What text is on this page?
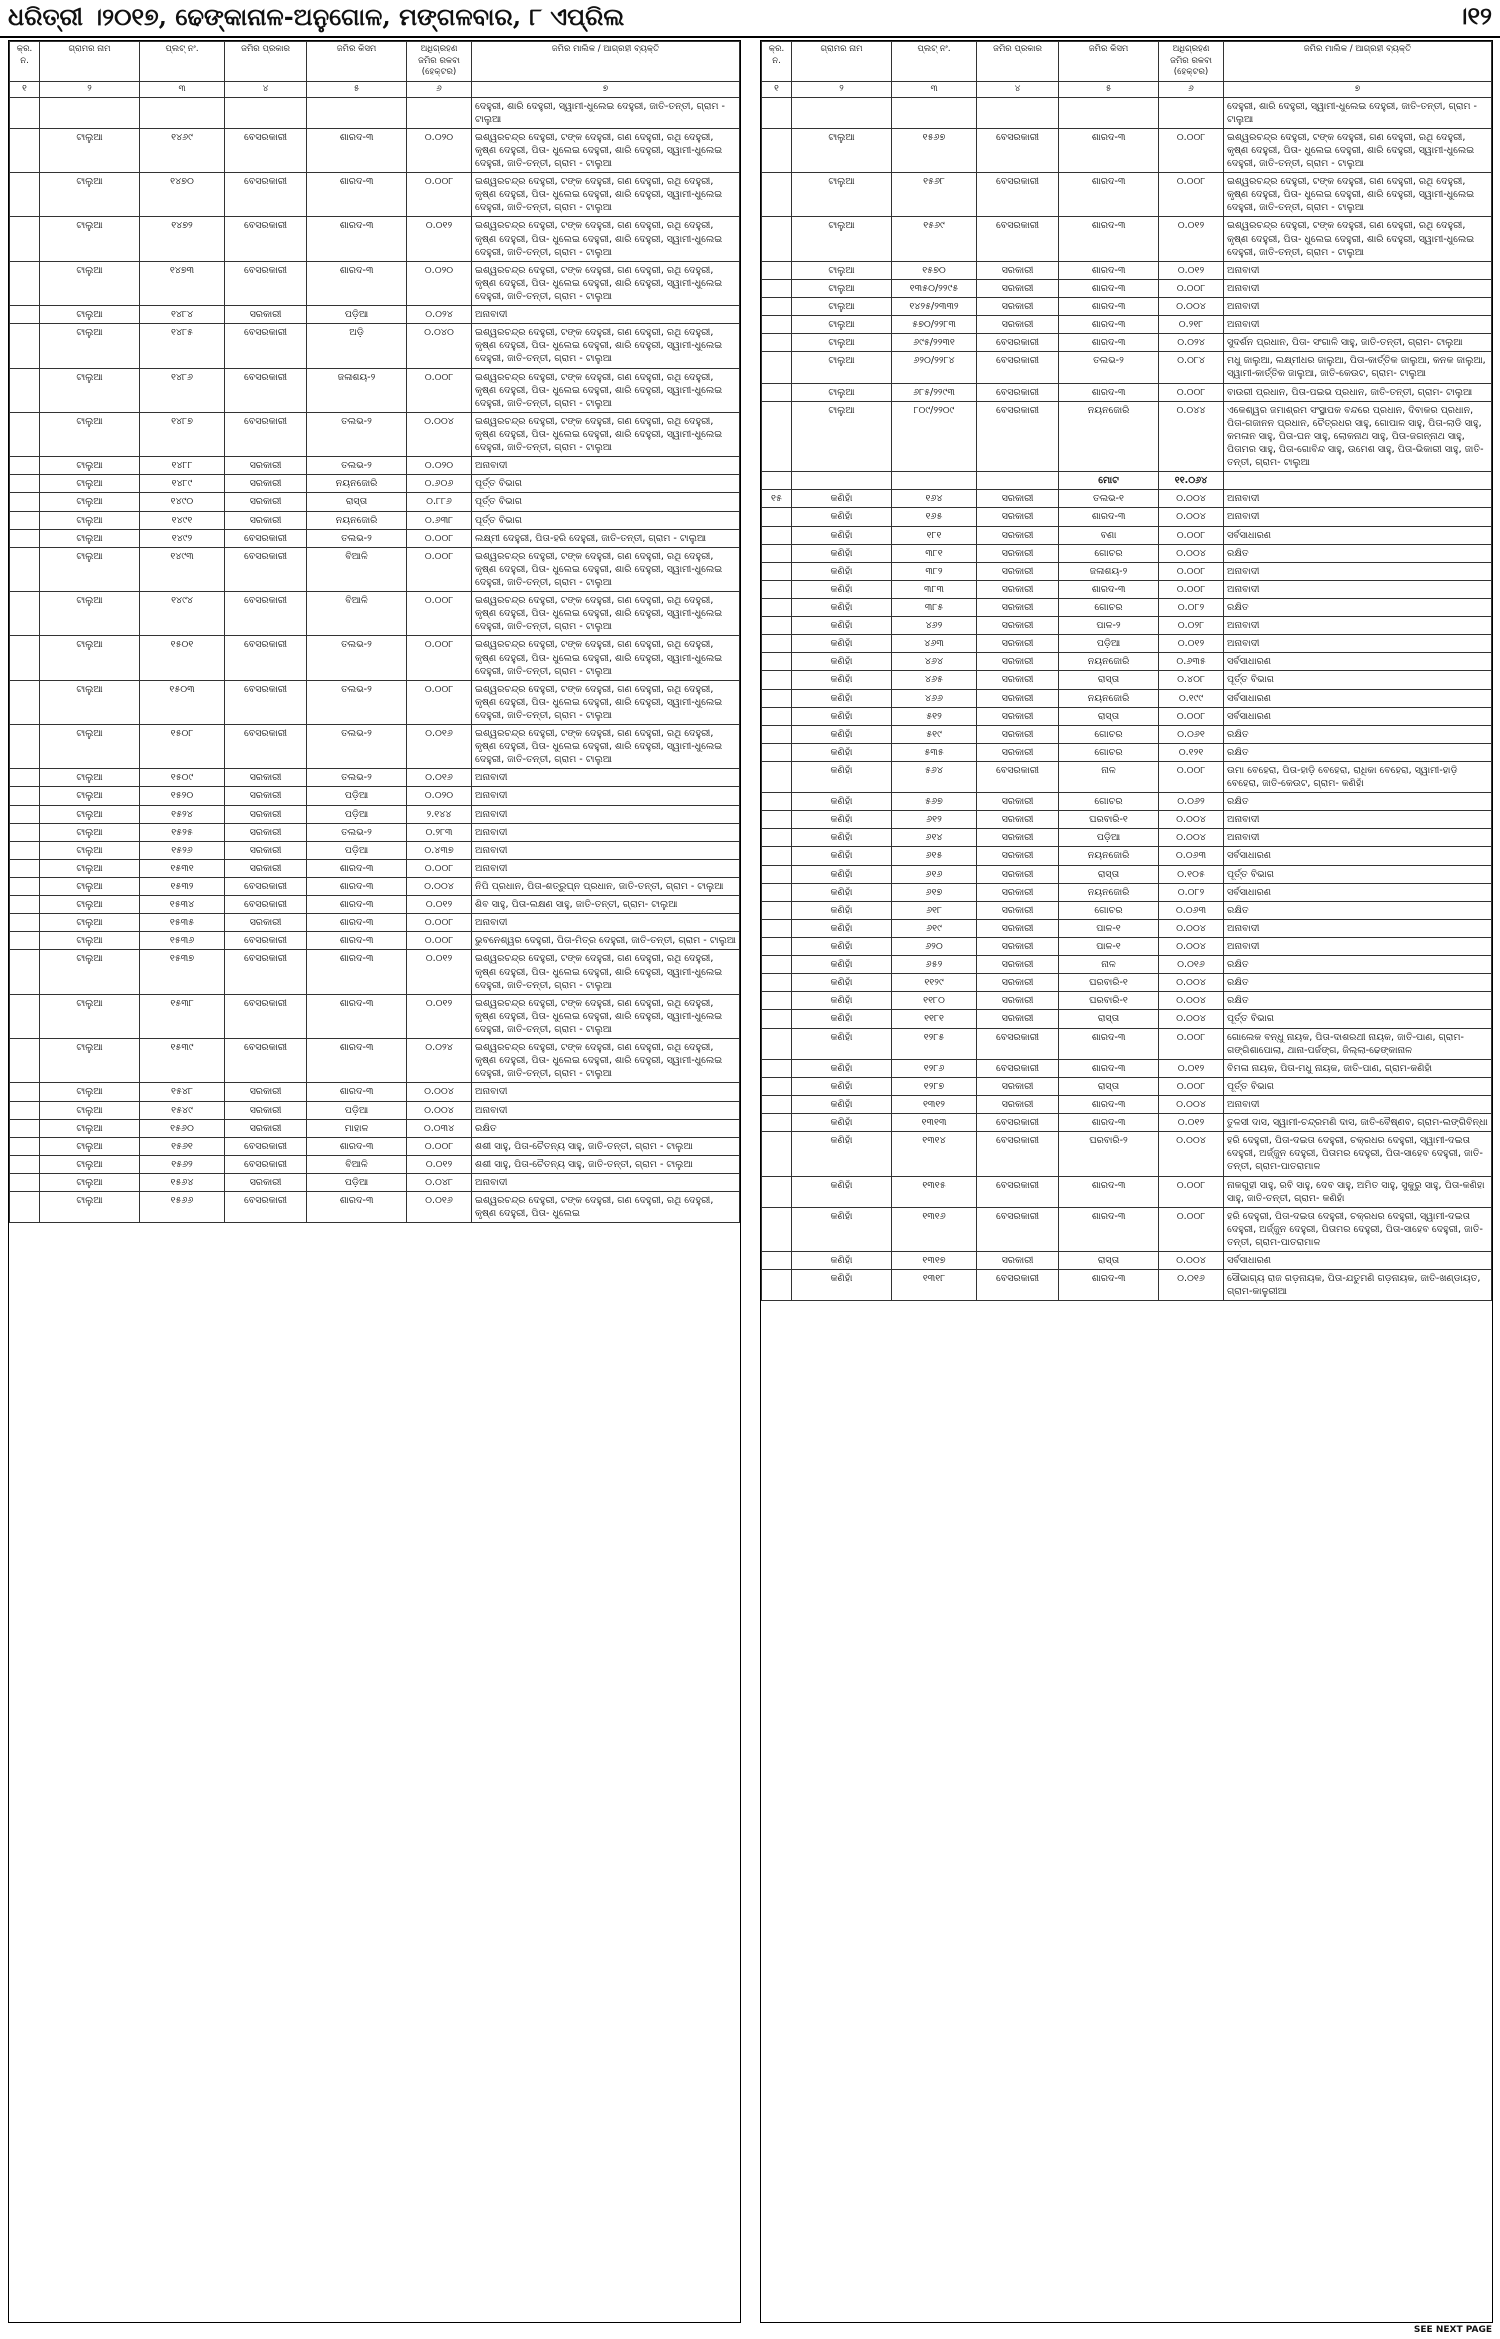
ଧରିତ୍ରୀ ।୨୦୧୭, ଢେଙ୍କାନାଳ-ଅନୁଗୋଳ, ମଙ୍ଗଳବାର, ୮ ଏପ୍ରିଲ	।୧୨
କ୍ର. ନ.	ଗ୍ରାମର ନାମ	ପ୍ଲଟ୍ ନଂ.	ଜମିର ପ୍ରକାର	ଜମିର କିସମ	ଅଧିଗ୍ରହଣ ଜମିର ରକବା (ହେକ୍ଟର)	ଜମିର ମାଲିକ / ଆଗ୍ରହୀ ବ୍ୟକ୍ତି
୧	୨	୩	୪	୫	୬	୭
						ଦେହୁରୀ, ଶାରି ଦେହୁରୀ, ସ୍ୱାମୀ-ଧୁଲେଇ ଦେହୁରୀ, ଜାତି-ତନ୍ତୀ, ଗ୍ରାମ - ଟାଲୁଆ
	ଟାଲୁଆ	୧୪୬୯	ବେସରକାରୀ	ଶାରଦ-୩	୦.୦୨୦	ଇଶ୍ୱରଚନ୍ଦ୍ର ଦେହୁରୀ, ଟଙ୍କ ଦେହୁରୀ, ଗଣ ଦେହୁରୀ, ରଥି ଦେହୁରୀ, କୃଷ୍ଣ ଦେହୁରୀ, ପିତା- ଧୁଲେଇ ଦେହୁରୀ, ଶାରି ଦେହୁରୀ, ସ୍ୱାମୀ-ଧୁଲେଇ ଦେହୁରୀ, ଜାତି-ତନ୍ତୀ, ଗ୍ରାମ - ଟାଲୁଆ
	ଟାଲୁଆ	୧୪୭୦	ବେସରକାରୀ	ଶାରଦ-୩	୦.୦୦୮	ଇଶ୍ୱରଚନ୍ଦ୍ର ଦେହୁରୀ, ଟଙ୍କ ଦେହୁରୀ, ଗଣ ଦେହୁରୀ, ରଥି ଦେହୁରୀ, କୃଷ୍ଣ ଦେହୁରୀ, ପିତା- ଧୁଲେଇ ଦେହୁରୀ, ଶାରି ଦେହୁରୀ, ସ୍ୱାମୀ-ଧୁଲେଇ ଦେହୁରୀ, ଜାତି-ତନ୍ତୀ, ଗ୍ରାମ - ଟାଲୁଆ
	ଟାଲୁଆ	୧୪୭୨	ବେସରକାରୀ	ଶାରଦ-୩	୦.୦୧୨	ଇଶ୍ୱରଚନ୍ଦ୍ର ଦେହୁରୀ, ଟଙ୍କ ଦେହୁରୀ, ଗଣ ଦେହୁରୀ, ରଥି ଦେହୁରୀ, କୃଷ୍ଣ ଦେହୁରୀ, ପିତା- ଧୁଲେଇ ଦେହୁରୀ, ଶାରି ଦେହୁରୀ, ସ୍ୱାମୀ-ଧୁଲେଇ ଦେହୁରୀ, ଜାତି-ତନ୍ତୀ, ଗ୍ରାମ - ଟାଲୁଆ
	ଟାଲୁଆ	୧୪୭୩	ବେସରକାରୀ	ଶାରଦ-୩	୦.୦୨୦	ଇଶ୍ୱରଚନ୍ଦ୍ର ଦେହୁରୀ, ଟଙ୍କ ଦେହୁରୀ, ଗଣ ଦେହୁରୀ, ରଥି ଦେହୁରୀ, କୃଷ୍ଣ ଦେହୁରୀ, ପିତା- ଧୁଲେଇ ଦେହୁରୀ, ଶାରି ଦେହୁରୀ, ସ୍ୱାମୀ-ଧୁଲେଇ ଦେହୁରୀ, ଜାତି-ତନ୍ତୀ, ଗ୍ରାମ - ଟାଲୁଆ
	ଟାଲୁଆ	୧୪୮୪	ସରକାରୀ	ପଡ଼ିଆ	୦.୦୨୪	ଅନାବାଦୀ
	ଟାଲୁଆ	୧୪୮୫	ବେସରକାରୀ	ଅଡ଼ି	୦.୦୪୦	ଇଶ୍ୱରଚନ୍ଦ୍ର ଦେହୁରୀ, ଟଙ୍କ ଦେହୁରୀ, ଗଣ ଦେହୁରୀ, ରଥି ଦେହୁରୀ, କୃଷ୍ଣ ଦେହୁରୀ, ପିତା- ଧୁଲେଇ ଦେହୁରୀ, ଶାରି ଦେହୁରୀ, ସ୍ୱାମୀ-ଧୁଲେଇ ଦେହୁରୀ, ଜାତି-ତନ୍ତୀ, ଗ୍ରାମ - ଟାଲୁଆ
	ଟାଲୁଆ	୧୪୮୬	ବେସରକାରୀ	ଜଳାଶୟ-୨	୦.୦୦୮	ଇଶ୍ୱରଚନ୍ଦ୍ର ଦେହୁରୀ, ଟଙ୍କ ଦେହୁରୀ, ଗଣ ଦେହୁରୀ, ରଥି ଦେହୁରୀ, କୃଷ୍ଣ ଦେହୁରୀ, ପିତା- ଧୁଲେଇ ଦେହୁରୀ, ଶାରି ଦେହୁରୀ, ସ୍ୱାମୀ-ଧୁଲେଇ ଦେହୁରୀ, ଜାତି-ତନ୍ତୀ, ଗ୍ରାମ - ଟାଲୁଆ
	ଟାଲୁଆ	୧୪୮୭	ବେସରକାରୀ	ତଲଭ-୨	୦.୦୦୪	ଇଶ୍ୱରଚନ୍ଦ୍ର ଦେହୁରୀ, ଟଙ୍କ ଦେହୁରୀ, ଗଣ ଦେହୁରୀ, ରଥି ଦେହୁରୀ, କୃଷ୍ଣ ଦେହୁରୀ, ପିତା- ଧୁଲେଇ ଦେହୁରୀ, ଶାରି ଦେହୁରୀ, ସ୍ୱାମୀ-ଧୁଲେଇ ଦେହୁରୀ, ଜାତି-ତନ୍ତୀ, ଗ୍ରାମ - ଟାଲୁଆ
	ଟାଲୁଆ	୧୪୮୮	ସରକାରୀ	ତଲଭ-୨	୦.୦୨୦	ଅନାବାଦୀ
	ଟାଲୁଆ	୧୪୮୯	ସରକାରୀ	ନୟନଜୋରି	୦.୬୦୬	ପୂର୍ତ୍ତ ବିଭାଗ
	ଟାଲୁଆ	୧୪୯୦	ସରକାରୀ	ରାସ୍ତା	୦.୮୮୬	ପୂର୍ତ୍ତ ବିଭାଗ
	ଟାଲୁଆ	୧୪୯୧	ସରକାରୀ	ନୟନଜୋରି	୦.୬୩୮	ପୂର୍ତ୍ତ ବିଭାଗ
	ଟାଲୁଆ	୧୪୯୨	ବେସରକାରୀ	ତଲଭ-୨	୦.୦୦୮	ଲକ୍ଷ୍ମୀ ଦେହୁରୀ, ପିତା-ହରି ଦେହୁରୀ, ଜାତି-ତନ୍ତୀ, ଗ୍ରାମ - ଟାଲୁଆ
	ଟାଲୁଆ	୧୪୯୩	ବେସରକାରୀ	ବିଆଳି	୦.୦୦୮	ଇଶ୍ୱରଚନ୍ଦ୍ର ଦେହୁରୀ, ଟଙ୍କ ଦେହୁରୀ, ଗଣ ଦେହୁରୀ, ରଥି ଦେହୁରୀ, କୃଷ୍ଣ ଦେହୁରୀ, ପିତା- ଧୁଲେଇ ଦେହୁରୀ, ଶାରି ଦେହୁରୀ, ସ୍ୱାମୀ-ଧୁଲେଇ ଦେହୁରୀ, ଜାତି-ତନ୍ତୀ, ଗ୍ରାମ - ଟାଲୁଆ
	ଟାଲୁଆ	୧୪୯୪	ବେସରକାରୀ	ବିଆଳି	୦.୦୦୮	ଇଶ୍ୱରଚନ୍ଦ୍ର ଦେହୁରୀ, ଟଙ୍କ ଦେହୁରୀ, ଗଣ ଦେହୁରୀ, ରଥି ଦେହୁରୀ, କୃଷ୍ଣ ଦେହୁରୀ, ପିତା- ଧୁଲେଇ ଦେହୁରୀ, ଶାରି ଦେହୁରୀ, ସ୍ୱାମୀ-ଧୁଲେଇ ଦେହୁରୀ, ଜାତି-ତନ୍ତୀ, ଗ୍ରାମ - ଟାଲୁଆ
	ଟାଲୁଆ	୧୫୦୧	ବେସରକାରୀ	ତଲଭ-୨	୦.୦୦୮	ଇଶ୍ୱରଚନ୍ଦ୍ର ଦେହୁରୀ, ଟଙ୍କ ଦେହୁରୀ, ଗଣ ଦେହୁରୀ, ରଥି ଦେହୁରୀ, କୃଷ୍ଣ ଦେହୁରୀ, ପିତା- ଧୁଲେଇ ଦେହୁରୀ, ଶାରି ଦେହୁରୀ, ସ୍ୱାମୀ-ଧୁଲେଇ ଦେହୁରୀ, ଜାତି-ତନ୍ତୀ, ଗ୍ରାମ - ଟାଲୁଆ
	ଟାଲୁଆ	୧୫୦୩	ବେସରକାରୀ	ତଲଭ-୨	୦.୦୦୮	ଇଶ୍ୱରଚନ୍ଦ୍ର ଦେହୁରୀ, ଟଙ୍କ ଦେହୁରୀ, ଗଣ ଦେହୁରୀ, ରଥି ଦେହୁରୀ, କୃଷ୍ଣ ଦେହୁରୀ, ପିତା- ଧୁଲେଇ ଦେହୁରୀ, ଶାରି ଦେହୁରୀ, ସ୍ୱାମୀ-ଧୁଲେଇ ଦେହୁରୀ, ଜାତି-ତନ୍ତୀ, ଗ୍ରାମ - ଟାଲୁଆ
	ଟାଲୁଆ	୧୫୦୮	ବେସରକାରୀ	ତଲଭ-୨	୦.୦୧୬	ଇଶ୍ୱରଚନ୍ଦ୍ର ଦେହୁରୀ, ଟଙ୍କ ଦେହୁରୀ, ଗଣ ଦେହୁରୀ, ରଥି ଦେହୁରୀ, କୃଷ୍ଣ ଦେହୁରୀ, ପିତା- ଧୁଲେଇ ଦେହୁରୀ, ଶାରି ଦେହୁରୀ, ସ୍ୱାମୀ-ଧୁଲେଇ ଦେହୁରୀ, ଜାତି-ତନ୍ତୀ, ଗ୍ରାମ - ଟାଲୁଆ
	ଟାଲୁଆ	୧୫୦୯	ସରକାରୀ	ତଲଭ-୨	୦.୦୧୬	ଅନାବାଦୀ
	ଟାଲୁଆ	୧୫୨୦	ସରକାରୀ	ପଡ଼ିଆ	୦.୦୨୦	ଅନାବାଦୀ
	ଟାଲୁଆ	୧୫୨୪	ସରକାରୀ	ପଡ଼ିଆ	୨.୧୪୪	ଅନାବାଦୀ
	ଟାଲୁଆ	୧୫୨୫	ସରକାରୀ	ତଲଭ-୨	୦.୨୮୩	ଅନାବାଦୀ
	ଟାଲୁଆ	୧୫୨୬	ସରକାରୀ	ପଡ଼ିଆ	୦.୪୩୭	ଅନାବାଦୀ
	ଟାଲୁଆ	୧୫୩୧	ସରକାରୀ	ଶାରଦ-୩	୦.୦୦୮	ଅନାବାଦୀ
	ଟାଲୁଆ	୧୫୩୨	ବେସରକାରୀ	ଶାରଦ-୩	୦.୦୦୪	ନିପି ପ୍ରଧାନ, ପିତା-ଶତ୍ରୁଘ୍ନ ପ୍ରଧାନ, ଜାତି-ତନ୍ତୀ, ଗ୍ରାମ - ଟାଲୁଆ
	ଟାଲୁଆ	୧୫୩୪	ବେସରକାରୀ	ଶାରଦ-୩	୦.୦୧୨	ଶିବ ସାହୁ, ପିତା-ଲକ୍ଷଣ ସାହୁ, ଜାତି-ତନ୍ତୀ, ଗ୍ରାମ- ଟାଲୁଆ
	ଟାଲୁଆ	୧୫୩୫	ସରକାରୀ	ଶାରଦ-୩	୦.୦୦୮	ଅନାବାଦୀ
	ଟାଲୁଆ	୧୫୩୬	ବେସରକାରୀ	ଶାରଦ-୩	୦.୦୦୮	ଭୁବନେଶ୍ୱର ଦେହୁରୀ, ପିତା-ମିତ୍ର ଦେହୁରୀ, ଜାତି-ତନ୍ତୀ, ଗ୍ରାମ - ଟାଲୁଆ
	ଟାଲୁଆ	୧୫୩୭	ବେସରକାରୀ	ଶାରଦ-୩	୦.୦୧୨	ଇଶ୍ୱରଚନ୍ଦ୍ର ଦେହୁରୀ, ଟଙ୍କ ଦେହୁରୀ, ଗଣ ଦେହୁରୀ, ରଥି ଦେହୁରୀ, କୃଷ୍ଣ ଦେହୁରୀ, ପିତା- ଧୁଲେଇ ଦେହୁରୀ, ଶାରି ଦେହୁରୀ, ସ୍ୱାମୀ-ଧୁଲେଇ ଦେହୁରୀ, ଜାତି-ତନ୍ତୀ, ଗ୍ରାମ - ଟାଲୁଆ
	ଟାଲୁଆ	୧୫୩୮	ବେସରକାରୀ	ଶାରଦ-୩	୦.୦୧୨	ଇଶ୍ୱରଚନ୍ଦ୍ର ଦେହୁରୀ, ଟଙ୍କ ଦେହୁରୀ, ଗଣ ଦେହୁରୀ, ରଥି ଦେହୁରୀ, କୃଷ୍ଣ ଦେହୁରୀ, ପିତା- ଧୁଲେଇ ଦେହୁରୀ, ଶାରି ଦେହୁରୀ, ସ୍ୱାମୀ-ଧୁଲେଇ ଦେହୁରୀ, ଜାତି-ତନ୍ତୀ, ଗ୍ରାମ - ଟାଲୁଆ
	ଟାଲୁଆ	୧୫୩୯	ବେସରକାରୀ	ଶାରଦ-୩	୦.୦୨୪	ଇଶ୍ୱରଚନ୍ଦ୍ର ଦେହୁରୀ, ଟଙ୍କ ଦେହୁରୀ, ଗଣ ଦେହୁରୀ, ରଥି ଦେହୁରୀ, କୃଷ୍ଣ ଦେହୁରୀ, ପିତା- ଧୁଲେଇ ଦେହୁରୀ, ଶାରି ଦେହୁରୀ, ସ୍ୱାମୀ-ଧୁଲେଇ ଦେହୁରୀ, ଜାତି-ତନ୍ତୀ, ଗ୍ରାମ - ଟାଲୁଆ
	ଟାଲୁଆ	୧୫୪୮	ସରକାରୀ	ଶାରଦ-୩	୦.୦୦୪	ଅନାବାଦୀ
	ଟାଲୁଆ	୧୫୪୯	ସରକାରୀ	ପଡ଼ିଆ	୦.୦୦୪	ଅନାବାଦୀ
	ଟାଲୁଆ	୧୫୬୦	ସରକାରୀ	ମାହାଳ	୦.୦୩୪	ରକ୍ଷିତ
	ଟାଲୁଆ	୧୫୬୧	ବେସରକାରୀ	ଶାରଦ-୩	୦.୦୦୮	ଶଶୀ ସାହୁ, ପିତା-ଚୈତନ୍ୟ ସାହୁ, ଜାତି-ତନ୍ତୀ, ଗ୍ରାମ - ଟାଲୁଆ
	ଟାଲୁଆ	୧୫୬୨	ବେସରକାରୀ	ବିଆଳି	୦.୦୧୨	ଶଶୀ ସାହୁ, ପିତା-ଚୈତନ୍ୟ ସାହୁ, ଜାତି-ତନ୍ତୀ, ଗ୍ରାମ - ଟାଲୁଆ
	ଟାଲୁଆ	୧୫୬୪	ସରକାରୀ	ପଡ଼ିଆ	୦.୦୪୮	ଅନାବାଦୀ
	ଟାଲୁଆ	୧୫୬୬	ବେସରକାରୀ	ଶାରଦ-୩	୦.୦୧୬	ଇଶ୍ୱରଚନ୍ଦ୍ର ଦେହୁରୀ, ଟଙ୍କ ଦେହୁରୀ, ଗଣ ଦେହୁରୀ, ରଥି ଦେହୁରୀ, କୃଷ୍ଣ ଦେହୁରୀ, ପିତା- ଧୁଲେଇ
କ୍ର. ନ.	ଗ୍ରାମର ନାମ	ପ୍ଲଟ୍ ନଂ.	ଜମିର ପ୍ରକାର	ଜମିର କିସମ	ଅଧିଗ୍ରହଣ ଜମିର ରକବା (ହେକ୍ଟର)	ଜମିର ମାଲିକ / ଆଗ୍ରହୀ ବ୍ୟକ୍ତି
୧	୨	୩	୪	୫	୬	୭
						ଦେହୁରୀ, ଶାରି ଦେହୁରୀ, ସ୍ୱାମୀ-ଧୁଲେଇ ଦେହୁରୀ, ଜାତି-ତନ୍ତୀ, ଗ୍ରାମ - ଟାଲୁଆ
	ଟାଲୁଆ	୧୫୬୭	ବେସରକାରୀ	ଶାରଦ-୩	୦.୦୦୮	ଇଶ୍ୱରଚନ୍ଦ୍ର ଦେହୁରୀ, ଟଙ୍କ ଦେହୁରୀ, ଗଣ ଦେହୁରୀ, ରଥି ଦେହୁରୀ, କୃଷ୍ଣ ଦେହୁରୀ, ପିତା- ଧୁଲେଇ ଦେହୁରୀ, ଶାରି ଦେହୁରୀ, ସ୍ୱାମୀ-ଧୁଲେଇ ଦେହୁରୀ, ଜାତି-ତନ୍ତୀ, ଗ୍ରାମ - ଟାଲୁଆ
	ଟାଲୁଆ	୧୫୬୮	ବେସରକାରୀ	ଶାରଦ-୩	୦.୦୦୮	ଇଶ୍ୱରଚନ୍ଦ୍ର ଦେହୁରୀ, ଟଙ୍କ ଦେହୁରୀ, ଗଣ ଦେହୁରୀ, ରଥି ଦେହୁରୀ, କୃଷ୍ଣ ଦେହୁରୀ, ପିତା- ଧୁଲେଇ ଦେହୁରୀ, ଶାରି ଦେହୁରୀ, ସ୍ୱାମୀ-ଧୁଲେଇ ଦେହୁରୀ, ଜାତି-ତନ୍ତୀ, ଗ୍ରାମ - ଟାଲୁଆ
	ଟାଲୁଆ	୧୫୬୯	ବେସରକାରୀ	ଶାରଦ-୩	୦.୦୧୨	ଇଶ୍ୱରଚନ୍ଦ୍ର ଦେହୁରୀ, ଟଙ୍କ ଦେହୁରୀ, ଗଣ ଦେହୁରୀ, ରଥି ଦେହୁରୀ, କୃଷ୍ଣ ଦେହୁରୀ, ପିତା- ଧୁଲେଇ ଦେହୁରୀ, ଶାରି ଦେହୁରୀ, ସ୍ୱାମୀ-ଧୁଲେଇ ଦେହୁରୀ, ଜାତି-ତନ୍ତୀ, ଗ୍ରାମ - ଟାଲୁଆ
	ଟାଲୁଆ	୧୫୭୦	ସରକାରୀ	ଶାରଦ-୩	୦.୦୧୨	ଅନାବାଦୀ
	ଟାଲୁଆ	୧୩୫୦/୨୨୯୫	ସରକାରୀ	ଶାରଦ-୩	୦.୦୦୮	ଅନାବାଦୀ
	ଟାଲୁଆ	୧୪୨୫/୨୩୩୨	ସରକାରୀ	ଶାରଦ-୩	୦.୦୦୪	ଅନାବାଦୀ
	ଟାଲୁଆ	୫୭୦/୨୨୮୩	ସରକାରୀ	ଶାରଦ-୩	୦.୨୧୮	ଅନାବାଦୀ
	ଟାଲୁଆ	୬୯୫/୨୨୩୧	ବେସରକାରୀ	ଶାରଦ-୩	୦.୦୨୪	ସୁଦର୍ଶନ ପ୍ରଧାନ, ପିତା- ସଂଗାଳି ସାହୁ, ଜାତି-ତନ୍ତୀ, ଗ୍ରାମ- ଟାଲୁଆ
	ଟାଲୁଆ	୬୨୦/୨୨୮୪	ବେସରକାରୀ	ତଲଭ-୨	୦.୦୮୪	ମଧୁ ଜାଲୁଆ, ଲକ୍ଷ୍ମୀଧର ଜାଲୁଆ, ପିତା-କାର୍ତ୍ତିକ ଜାଲୁଆ, କନକ ଜାଲୁଆ, ସ୍ୱାମୀ-କାର୍ତ୍ତିକ ଜାଲୁଆ, ଜାତି-କେଉଟ, ଗ୍ରାମ- ଟାଲୁଆ
	ଟାଲୁଆ	୬୮୫/୨୨୯୩	ବେସରକାରୀ	ଶାରଦ-୩	୦.୦୦୮	ବାଉରୀ ପ୍ରଧାନ, ପିତା-ପଇଭ ପ୍ରଧାନ, ଜାତି-ତନ୍ତୀ, ଗ୍ରାମ- ଟାଲୁଆ
	ଟାଲୁଆ	୮୦୯/୨୨୦୯	ବେସରକାରୀ	ନୟନଜୋରି	୦.୦୪୪	ଏକେଶ୍ୱର ଜମାଶ୍ରମ ସଂସ୍ଥାପକ ବନ୍ଦରେ ପ୍ରଧାନ, ଦିବାକର ପ୍ରଧାନ, ପିତା-ଗଜାନନ ପ୍ରଧାନ, ଚୈତ୍ରଧର ସାହୁ, ଗୋପାଳ ସାହୁ, ପିତା-ଲାଡି ସାହୁ, କମଳାନ ସାହୁ, ପିତା-ଘନ ସାହୁ, ଲୋକନାଥ ସାହୁ, ପିତା-ଜଗନ୍ନାଥ ସାହୁ, ପିତାମର ସାହୁ, ପିତା-ଗୋବିନ୍ଦ ସାହୁ, ଉମେଶ ସାହୁ, ପିତା-ଭିକାରୀ ସାହୁ, ଜାତି-ତନ୍ତୀ, ଗ୍ରାମ- ଟାଲୁଆ
				ମୋଟ	୧୧.୦୬୪	
୧୫	କଣିହାଁ	୧୬୪	ସରକାରୀ	ତଲଭ-୧	୦.୦୦୪	ଅନାବାଦୀ
	କଣିହାଁ	୧୬୫	ସରକାରୀ	ଶାରଦ-୩	୦.୦୦୪	ଅନାବାଦୀ
	କଣିହାଁ	୧୮୧	ସରକାରୀ	ବଣା	୦.୦୦୮	ସର୍ବସାଧାରଣ
	କଣିହାଁ	୩୮୧	ସରକାରୀ	ଗୋଚର	୦.୦୦୪	ରକ୍ଷିତ
	କଣିହାଁ	୩୮୨	ସରକାରୀ	ଜଳାଶୟ-୨	୦.୦୦୮	ଅନାବାଦୀ
	କଣିହାଁ	୩୮୩	ସରକାରୀ	ଶାରଦ-୩	୦.୦୦୮	ଅନାବାଦୀ
	କଣିହାଁ	୩୮୫	ସରକାରୀ	ଗୋଚର	୦.୦୮୨	ରକ୍ଷିତ
	କଣିହାଁ	୪୬୨	ସରକାରୀ	ପାଳ-୨	୦.୦୨୮	ଅନାବାଦୀ
	କଣିହାଁ	୪୬୩	ସରକାରୀ	ପଡ଼ିଆ	୦.୦୧୨	ଅନାବାଦୀ
	କଣିହାଁ	୪୬୪	ସରକାରୀ	ନୟନଜୋରି	୦.୬୩୫	ସର୍ବସାଧାରଣ
	କଣିହାଁ	୪୬୫	ସରକାରୀ	ରାସ୍ତା	୦.୪୦୮	ପୂର୍ତ୍ତ ବିଭାଗ
	କଣିହାଁ	୪୬୬	ସରକାରୀ	ନୟନଜୋରି	୦.୧୯୯	ସର୍ବସାଧାରଣ
	କଣିହାଁ	୫୧୨	ସରକାରୀ	ରାସ୍ତା	୦.୦୦୮	ସର୍ବସାଧାରଣ
	କଣିହାଁ	୫୧୯	ସରକାରୀ	ଗୋଚର	୦.୦୬୧	ରକ୍ଷିତ
	କଣିହାଁ	୫୩୫	ସରକାରୀ	ଗୋଚର	୦.୧୨୧	ରକ୍ଷିତ
	କଣିହାଁ	୫୬୪	ବେସରକାରୀ	ନାଳ	୦.୦୦୮	ଉମା ବେହେରା, ପିତା-ହାଡ଼ି ବେହେରା, ରାଧିକା ବେହେରା, ସ୍ୱାମୀ-ହାଡ଼ି ବେହେରା, ଜାତି-କେଉଟ, ଗ୍ରାମ- କଣିହାଁ
	କଣିହାଁ	୫୬୭	ସରକାରୀ	ଗୋଚର	୦.୦୬୨	ରକ୍ଷିତ
	କଣିହାଁ	୬୧୨	ସରକାରୀ	ଘରବାରି-୧	୦.୦୦୪	ଅନାବାଦୀ
	କଣିହାଁ	୬୧୪	ସରକାରୀ	ପଡ଼ିଆ	୦.୦୦୪	ଅନାବାଦୀ
	କଣିହାଁ	୬୧୫	ସରକାରୀ	ନୟନଜୋରି	୦.୦୬୩	ସର୍ବସାଧାରଣ
	କଣିହାଁ	୬୧୬	ସରକାରୀ	ରାସ୍ତା	୦.୧୦୫	ପୂର୍ତ୍ତ ବିଭାଗ
	କଣିହାଁ	୬୧୭	ସରକାରୀ	ନୟନଜୋରି	୦.୦୮୨	ସର୍ବସାଧାରଣ
	କଣିହାଁ	୬୧୮	ସରକାରୀ	ଗୋଚର	୦.୦୬୩	ରକ୍ଷିତ
	କଣିହାଁ	୬୧୯	ସରକାରୀ	ପାଳ-୧	୦.୦୦୪	ଅନାବାଦୀ
	କଣିହାଁ	୬୨୦	ସରକାରୀ	ପାଳ-୧	୦.୦୦୪	ଅନାବାଦୀ
	କଣିହାଁ	୬୫୨	ସରକାରୀ	ନାଳ	୦.୦୧୬	ରକ୍ଷିତ
	କଣିହାଁ	୧୧୨୯	ସରକାରୀ	ଘରବାରି-୧	୦.୦୦୪	ରକ୍ଷିତ
	କଣିହାଁ	୧୧୮୦	ସରକାରୀ	ଘରବାରି-୧	୦.୦୦୪	ରକ୍ଷିତ
	କଣିହାଁ	୧୧୮୧	ସରକାରୀ	ରାସ୍ତା	୦.୦୦୪	ପୂର୍ତ୍ତ ବିଭାଗ
	କଣିହାଁ	୧୨୮୫	ବେସରକାରୀ	ଶାରଦ-୩	୦.୦୦୮	ଗୋଲେକ ବନ୍ଧୁ ନାୟକ, ପିତା-ଦାଶରଥୀ ନାୟକ, ଜାତି-ପାଣ, ଗ୍ରାମ-ଗଙ୍ଗିଶାପୋଲା, ଥାନା-ପର୍ଜଙ୍ଗ, ଜିଲ୍ଲା-ଢେଙ୍କାନାଳ
	କଣିହାଁ	୧୨୮୬	ବେସରକାରୀ	ଶାରଦ-୩	୦.୦୧୨	ବିମଳା ନାୟକ, ପିତା-ମଧୁ ନାୟକ, ଜାତି-ପାଣ, ଗ୍ରାମ-କଣିହାଁ
	କଣିହାଁ	୧୨୮୭	ସରକାରୀ	ରାସ୍ତା	୦.୦୦୮	ପୂର୍ତ୍ତ ବିଭାଗ
	କଣିହାଁ	୧୩୧୨	ସରକାରୀ	ଶାରଦ-୩	୦.୦୦୪	ଅନାବାଦୀ
	କଣିହାଁ	୧୩୧୩	ବେସରକାରୀ	ଶାରଦ-୩	୦.୦୧୨	ତୁଳସୀ ଦାସ, ସ୍ୱାମୀ-ଚନ୍ଦ୍ରମଣି ଦାସ, ଜାତି-ବୈଷ୍ଣବ, ଗ୍ରାମ-ଲଙ୍ଗିବିନ୍ଧା
	କଣିହାଁ	୧୩୧୪	ବେସରକାରୀ	ଘରବାରି-୨	୦.୦୦୪	ହରି ଦେହୁରୀ, ପିତା-ଦଇତା ଦେହୁରୀ, ଚକ୍ରଧର ଦେହୁରୀ, ସ୍ୱାମୀ-ଦଇତା ଦେହୁରୀ, ଅର୍ଜ୍ଜୁନ ଦେହୁରୀ, ପିତାମର ଦେହୁରୀ, ପିତା-ସାହେବ ଦେହୁରୀ, ଜାତି-ତନ୍ତୀ, ଗ୍ରାମ-ପାତରାମାଳ
	କଣିହାଁ	୧୩୧୫	ବେସରକାରୀ	ଶାରଦ-୩	୦.୦୦୮	ନାକଗୁହୀ ସାହୁ, ରବି ସାହୁ, ଦେବ ସାହୁ, ଅମିତ ସାହୁ, ସୁକୁରୁ ସାହୁ, ପିତା-କଣିହା ସାହୁ, ଜାତି-ତନ୍ତୀ, ଗ୍ରାମ- କଣିହାଁ
	କଣିହାଁ	୧୩୧୬	ବେସରକାରୀ	ଶାରଦ-୩	୦.୦୦୮	ହରି ଦେହୁରୀ, ପିତା-ଦଇତା ଦେହୁରୀ, ଚକ୍ରଧର ଦେହୁରୀ, ସ୍ୱାମୀ-ଦଇତା ଦେହୁରୀ, ଅର୍ଜ୍ଜୁନ ଦେହୁରୀ, ପିତାମର ଦେହୁରୀ, ପିତା-ସାହେବ ଦେହୁରୀ, ଜାତି-ତନ୍ତୀ, ଗ୍ରାମ-ପାତରାମାଳ
	କଣିହାଁ	୧୩୧୭	ସରକାରୀ	ରାସ୍ତା	୦.୦୦୪	ସର୍ବସାଧାରଣ
	କଣିହାଁ	୧୩୧୮	ବେସରକାରୀ	ଶାରଦ-୩	୦.୦୧୬	ସୌଭାଗ୍ୟ ରାଜ ଗଡ଼ନାୟକ, ପିତା-ଯତୁମଣି ଗଡ଼ନାୟକ, ଜାତି-ଖଣ୍ଡାୟତ, ଗ୍ରାମ-କାଳୁରୀଆ
SEE NEXT PAGE
